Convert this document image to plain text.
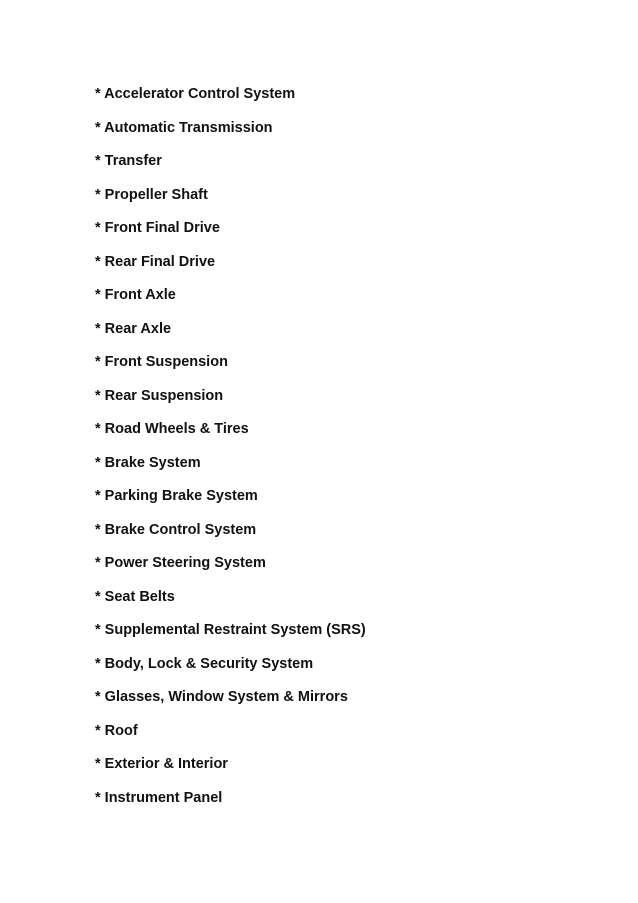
* Accelerator Control System
* Automatic Transmission
* Transfer
* Propeller Shaft
* Front Final Drive
* Rear Final Drive
* Front Axle
* Rear Axle
* Front Suspension
* Rear Suspension
* Road Wheels & Tires
* Brake System
* Parking Brake System
* Brake Control System
* Power Steering System
* Seat Belts
* Supplemental Restraint System (SRS)
* Body, Lock & Security System
* Glasses, Window System & Mirrors
* Roof
* Exterior & Interior
* Instrument Panel
